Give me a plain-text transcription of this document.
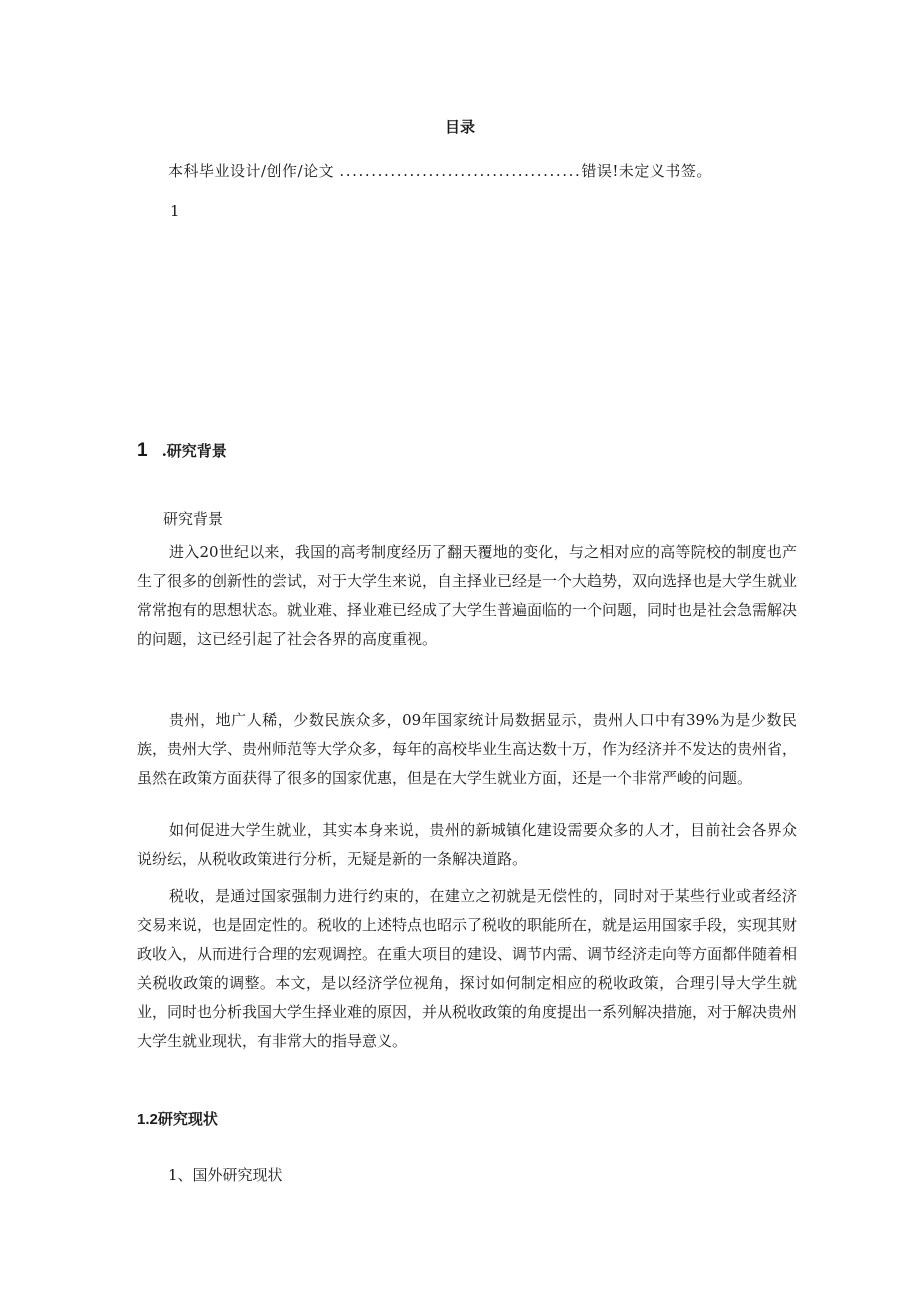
目录
本科毕业设计/创作/论文 ......................................错误!未定义书签。
1
1 .研究背景
研究背景

进入20世纪以来，我国的高考制度经历了翻天覆地的变化，与之相对应的高等院校的制度也产生了很多的创新性的尝试，对于大学生来说，自主择业已经是一个大趋势，双向选择也是大学生就业常常抱有的思想状态。就业难、择业难已经成了大学生普遍面临的一个问题，同时也是社会急需解决的问题，这已经引起了社会各界的高度重视。

贵州，地广人稀，少数民族众多，09年国家统计局数据显示，贵州人口中有39%为是少数民族，贵州大学、贵州师范等大学众多，每年的高校毕业生高达数十万，作为经济并不发达的贵州省，虽然在政策方面获得了很多的国家优惠，但是在大学生就业方面，还是一个非常严峻的问题。

如何促进大学生就业，其实本身来说，贵州的新城镇化建设需要众多的人才，目前社会各界众说纷纭，从税收政策进行分析，无疑是新的一条解决道路。

税收，是通过国家强制力进行约束的，在建立之初就是无偿性的，同时对于某些行业或者经济交易来说，也是固定性的。税收的上述特点也昭示了税收的职能所在，就是运用国家手段，实现其财政收入，从而进行合理的宏观调控。在重大项目的建设、调节内需、调节经济走向等方面都伴随着相关税收政策的调整。本文，是以经济学位视角，探讨如何制定相应的税收政策，合理引导大学生就业，同时也分析我国大学生择业难的原因，并从税收政策的角度提出一系列解决措施，对于解决贵州大学生就业现状，有非常大的指导意义。

1.2研究现状
1、国外研究现状
